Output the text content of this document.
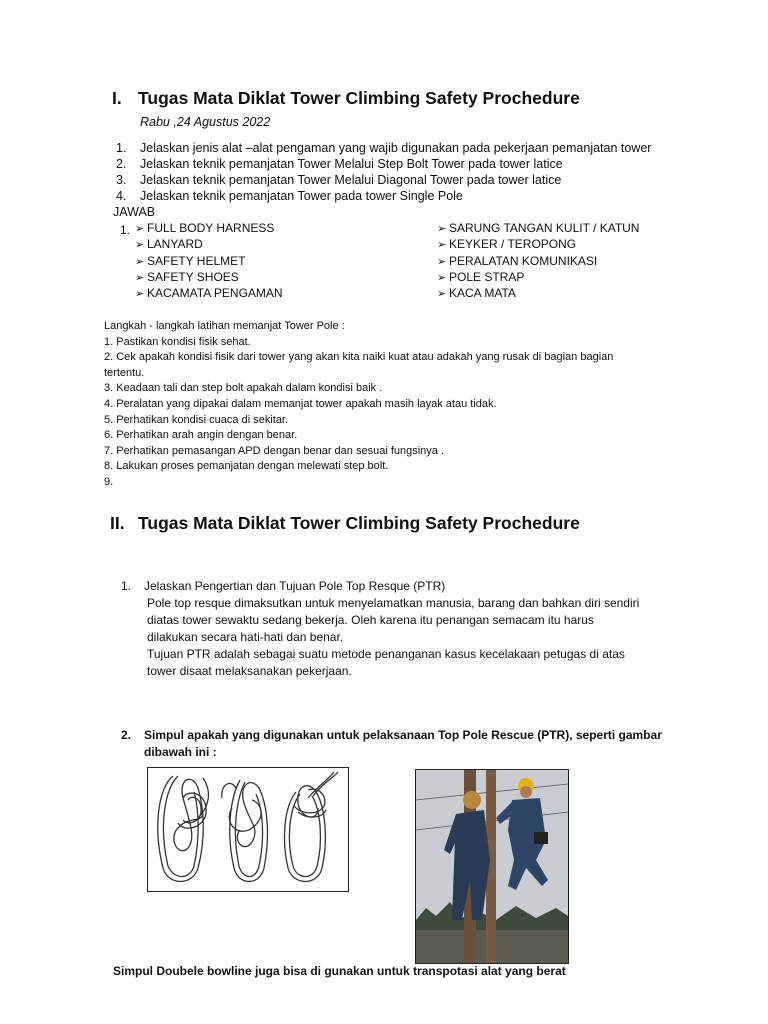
I. Tugas Mata Diklat Tower Climbing Safety Prochedure
Rabu ,24 Agustus 2022
1. Jelaskan jenis alat –alat pengaman yang wajib digunakan pada pekerjaan pemanjatan tower
2. Jelaskan teknik pemanjatan Tower Melalui Step Bolt Tower pada tower latice
3. Jelaskan teknik pemanjatan Tower Melalui Diagonal Tower pada tower latice
4. Jelaskan teknik pemanjatan Tower pada tower Single Pole
JAWAB
1. ➢ FULL BODY HARNESS
➢ LANYARD
➢ SAFETY HELMET
➢ SAFETY SHOES
➢ KACAMATA PENGAMAN
➢ SARUNG TANGAN KULIT / KATUN
➢ KEYKER / TEROPONG
➢ PERALATAN KOMUNIKASI
➢ POLE STRAP
➢ KACA MATA
Langkah - langkah latihan memanjat Tower Pole :
1. Pastikan kondisi fisik sehat.
2. Cek apakah kondisi fisik dari tower yang akan kita naiki kuat atau adakah yang rusak di bagian bagian
tertentu.
3. Keadaan tali dan step bolt apakah dalam kondisi baik .
4. Peralatan yang dipakai dalam memanjat tower apakah masih layak atau tidak.
5. Perhatikan kondisi cuaca di sekitar.
6. Perhatikan arah angin dengan benar.
7. Perhatikan pemasangan APD dengan benar dan sesuai fungsinya .
8. Lakukan proses pemanjatan dengan melewati step bolt.
9.
II. Tugas Mata Diklat Tower Climbing Safety Prochedure
1. Jelaskan Pengertian dan Tujuan Pole Top Resque (PTR)
Pole top resque dimaksutkan untuk menyelamatkan manusia, barang dan bahkan diri sendiri
diatas tower sewaktu sedang bekerja. Oleh karena itu penangan semacam itu harus
dilakukan secara hati-hati dan benar.
Tujuan PTR adalah sebagai suatu metode penanganan kasus kecelakaan petugas di atas
tower disaat melaksanakan pekerjaan.
2. Simpul apakah yang digunakan untuk pelaksanaan Top Pole Rescue (PTR), seperti gambar
dibawah ini :
Simpul Doubele bowline juga bisa di gunakan untuk transpotasi alat yang berat
